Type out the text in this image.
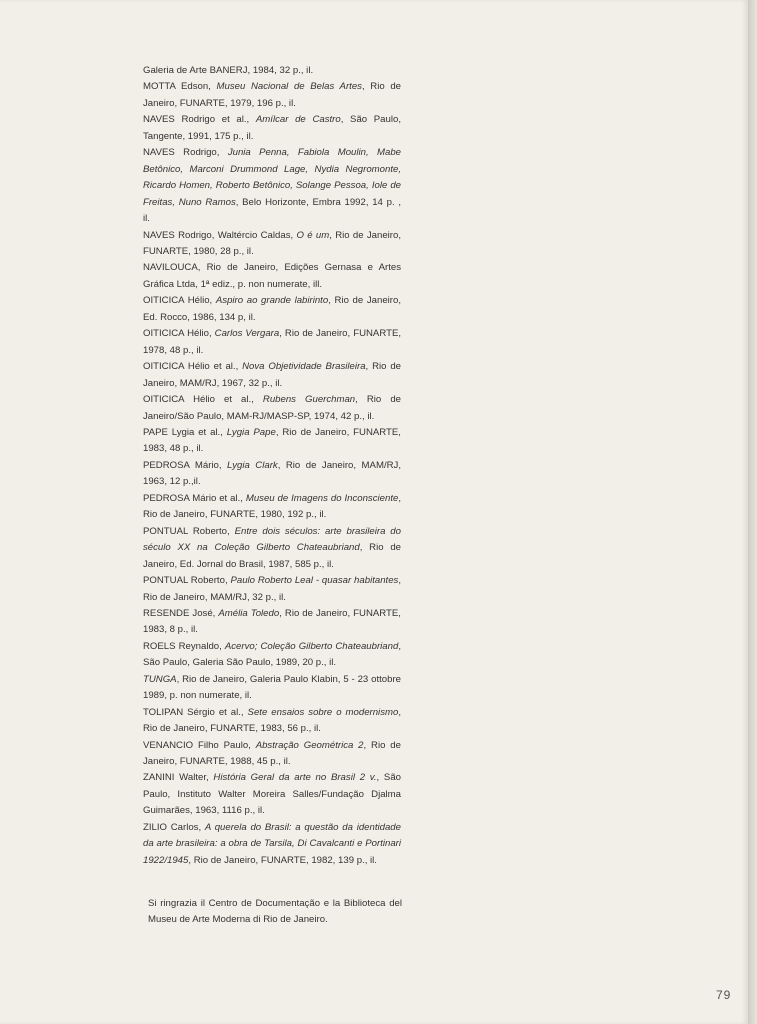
Galeria de Arte BANERJ, 1984, 32 p., il.

MOTTA Edson, Museu Nacional de Belas Artes, Rio de Janeiro, FUNARTE, 1979, 196 p., il.

NAVES Rodrigo et al., Amílcar de Castro, São Paulo, Tangente, 1991, 175 p., il.

NAVES Rodrigo, Junia Penna, Fabiola Moulin, Mabe Betônico, Marconi Drummond Lage, Nydia Negromonte, Ricardo Homen, Roberto Betônico, Solange Pessoa, Iole de Freitas, Nuno Ramos, Belo Horizonte, Embra 1992, 14 p. , il.

NAVES Rodrigo, Waltércio Caldas, O é um, Rio de Janeiro, FUNARTE, 1980, 28 p., il.

NAVILOUCA, Rio de Janeiro, Edições Gernasa e Artes Gráfica Ltda, 1ª ediz., p. non numerate, ill.

OITICICA Hélio, Aspiro ao grande labirinto, Rio de Janeiro, Ed. Rocco, 1986, 134 p, il.

OITICICA Hélio, Carlos Vergara, Rio de Janeiro, FUNARTE, 1978, 48 p., il.

OITICICA Hélio et al., Nova Objetividade Brasileira, Rio de Janeiro, MAM/RJ, 1967, 32 p., il.

OITICICA Hélio et al., Rubens Guerchman, Rio de Janeiro/São Paulo, MAM-RJ/MASP-SP, 1974, 42 p., il.

PAPE Lygia et al., Lygia Pape, Rio de Janeiro, FUNARTE, 1983, 48 p., il.

PEDROSA Mário, Lygia Clark, Rio de Janeiro, MAM/RJ, 1963, 12 p.,il.

PEDROSA Mário et al., Museu de Imagens do Inconsciente, Rio de Janeiro, FUNARTE, 1980, 192 p., il.

PONTUAL Roberto, Entre dois séculos: arte brasileira do século XX na Coleção Gilberto Chateaubriand, Rio de Janeiro, Ed. Jornal do Brasil, 1987, 585 p., il.

PONTUAL Roberto, Paulo Roberto Leal - quasar habitantes, Rio de Janeiro, MAM/RJ, 32 p., il.

RESENDE José, Amélia Toledo, Rio de Janeiro, FUNARTE, 1983, 8 p., il.

ROELS Reynaldo, Acervo; Coleção Gilberto Chateaubriand, São Paulo, Galeria São Paulo, 1989, 20 p., il.

TUNGA, Rio de Janeiro, Galeria Paulo Klabin, 5 - 23 ottobre 1989, p. non numerate, il.

TOLIPAN Sérgio et al., Sete ensaios sobre o modernismo, Rio de Janeiro, FUNARTE, 1983, 56 p., il.

VENANCIO Filho Paulo, Abstração Geométrica 2, Rio de Janeiro, FUNARTE, 1988, 45 p., il.

ZANINI Walter, História Geral da arte no Brasil 2 v., São Paulo, Instituto Walter Moreira Salles/Fundação Djalma Guimarães, 1963, 1116 p., il.

ZILIO Carlos, A querela do Brasil: a questão da identidade da arte brasileira: a obra de Tarsila, Di Cavalcanti e Portinari 1922/1945, Rio de Janeiro, FUNARTE, 1982, 139 p., il.

Si ringrazia il Centro de Documentação e la Biblioteca del Museu de Arte Moderna di Rio de Janeiro.
79
